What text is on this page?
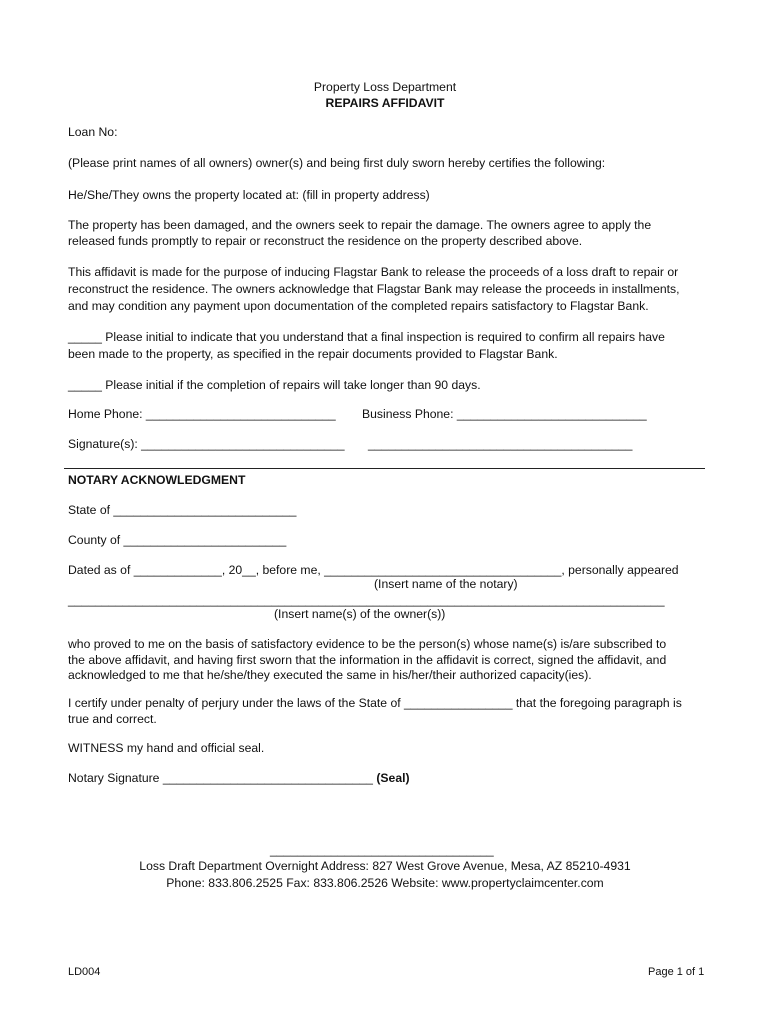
Property Loss Department
REPAIRS AFFIDAVIT
Loan No:
(Please print names of all owners) owner(s) and being first duly sworn hereby certifies the following:
He/She/They owns the property located at: (fill in property address)
The property has been damaged, and the owners seek to repair the damage. The owners agree to apply the
released funds promptly to repair or reconstruct the residence on the property described above.
This affidavit is made for the purpose of inducing Flagstar Bank to release the proceeds of a loss draft to repair or
reconstruct the residence. The owners acknowledge that Flagstar Bank may release the proceeds in installments,
and may condition any payment upon documentation of the completed repairs satisfactory to Flagstar Bank.
_____ Please initial to indicate that you understand that a final inspection is required to confirm all repairs have
been made to the property, as specified in the repair documents provided to Flagstar Bank.
_____ Please initial if the completion of repairs will take longer than 90 days.
Home Phone: ____________________________ Business Phone: ____________________________
Signature(s): ______________________________ _______________________________________
NOTARY ACKNOWLEDGMENT
State of ___________________________
County of ________________________
Dated as of _____________, 20__, before me, ___________________________________, personally appeared
(Insert name of the notary)
________________________________________________________________________________________
(Insert name(s) of the owner(s))
who proved to me on the basis of satisfactory evidence to be the person(s) whose name(s) is/are subscribed to
the above affidavit, and having first sworn that the information in the affidavit is correct, signed the affidavit, and
acknowledged to me that he/she/they executed the same in his/her/their authorized capacity(ies).
I certify under penalty of perjury under the laws of the State of ________________ that the foregoing paragraph is
true and correct.
WITNESS my hand and official seal.
Notary Signature _______________________________ (Seal)
_________________________________
Loss Draft Department Overnight Address: 827 West Grove Avenue, Mesa, AZ 85210-4931
Phone: 833.806.2525 Fax: 833.806.2526 Website: www.propertyclaimcenter.com
LD004	Page 1 of 1
